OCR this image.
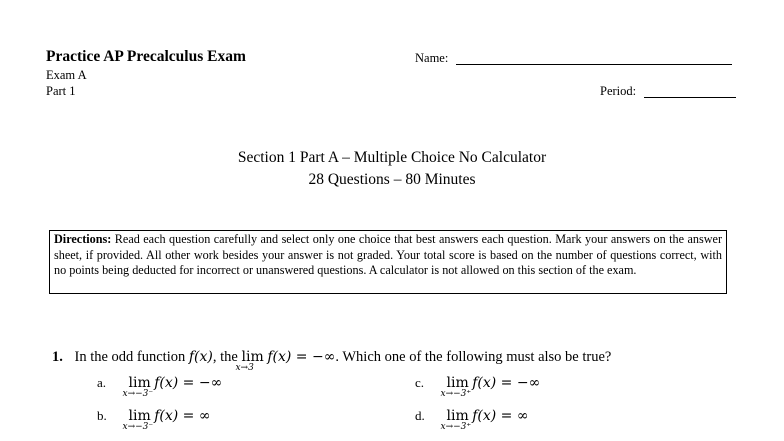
Practice AP Precalculus Exam	Name:
Exam A
Part 1	Period:
Section 1 Part A – Multiple Choice No Calculator
28 Questions – 80 Minutes
Directions: Read each question carefully and select only one choice that best answers each question. Mark your answers on the answer sheet, if provided. All other work besides your answer is not graded. Your total score is based on the number of questions correct, with no points being deducted for incorrect or unanswered questions. A calculator is not allowed on this section of the exam.
1. In the odd function f(x), the lim
x→3
f(x) = −∞. Which one of the following must also be true?
a. lim
x→−3⁻
f(x) = −∞	c. lim
x→−3⁺
f(x) = −∞
b. lim
x→−3⁻
f(x) = ∞	d. lim
x→−3⁺
f(x) = ∞
